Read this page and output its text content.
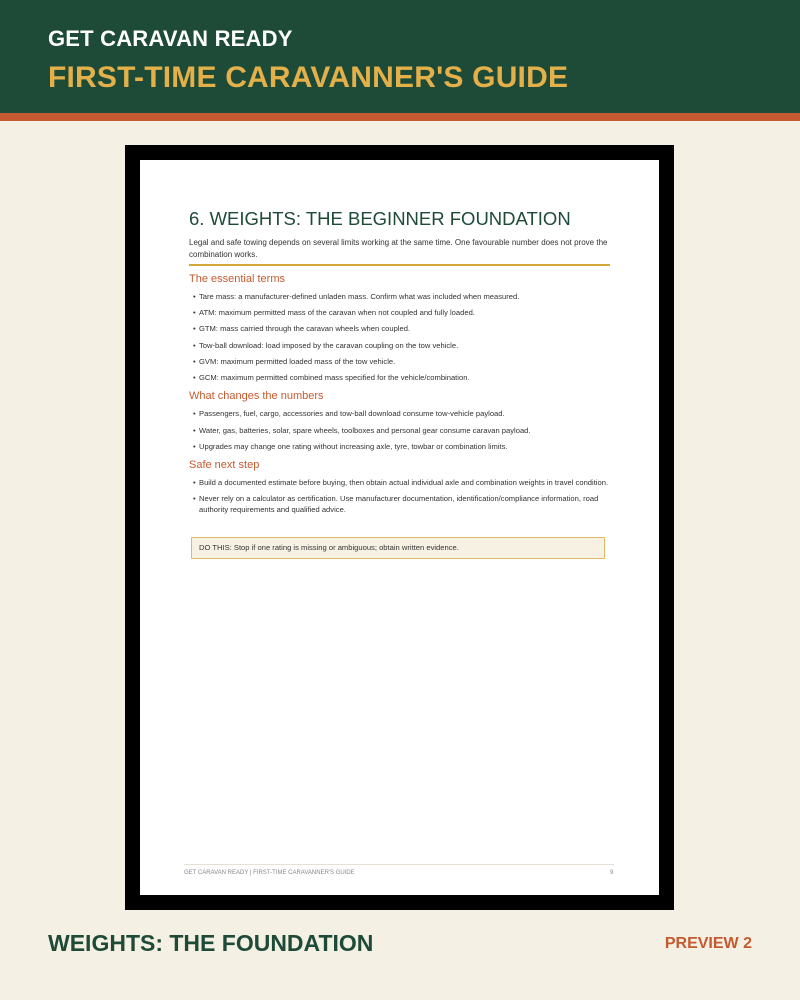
GET CARAVAN READY
FIRST-TIME CARAVANNER'S GUIDE
6. WEIGHTS: THE BEGINNER FOUNDATION
Legal and safe towing depends on several limits working at the same time. One favourable number does not prove the combination works.
The essential terms
• Tare mass: a manufacturer-defined unladen mass. Confirm what was included when measured.
• ATM: maximum permitted mass of the caravan when not coupled and fully loaded.
• GTM: mass carried through the caravan wheels when coupled.
• Tow-ball download: load imposed by the caravan coupling on the tow vehicle.
• GVM: maximum permitted loaded mass of the tow vehicle.
• GCM: maximum permitted combined mass specified for the vehicle/combination.
What changes the numbers
• Passengers, fuel, cargo, accessories and tow-ball download consume tow-vehicle payload.
• Water, gas, batteries, solar, spare wheels, toolboxes and personal gear consume caravan payload.
• Upgrades may change one rating without increasing axle, tyre, towbar or combination limits.
Safe next step
• Build a documented estimate before buying, then obtain actual individual axle and combination weights in travel condition.
• Never rely on a calculator as certification. Use manufacturer documentation, identification/compliance information, road authority requirements and qualified advice.
DO THIS: Stop if one rating is missing or ambiguous; obtain written evidence.
GET CARAVAN READY | FIRST-TIME CARAVANNER'S GUIDE	9
WEIGHTS: THE FOUNDATION	PREVIEW 2
